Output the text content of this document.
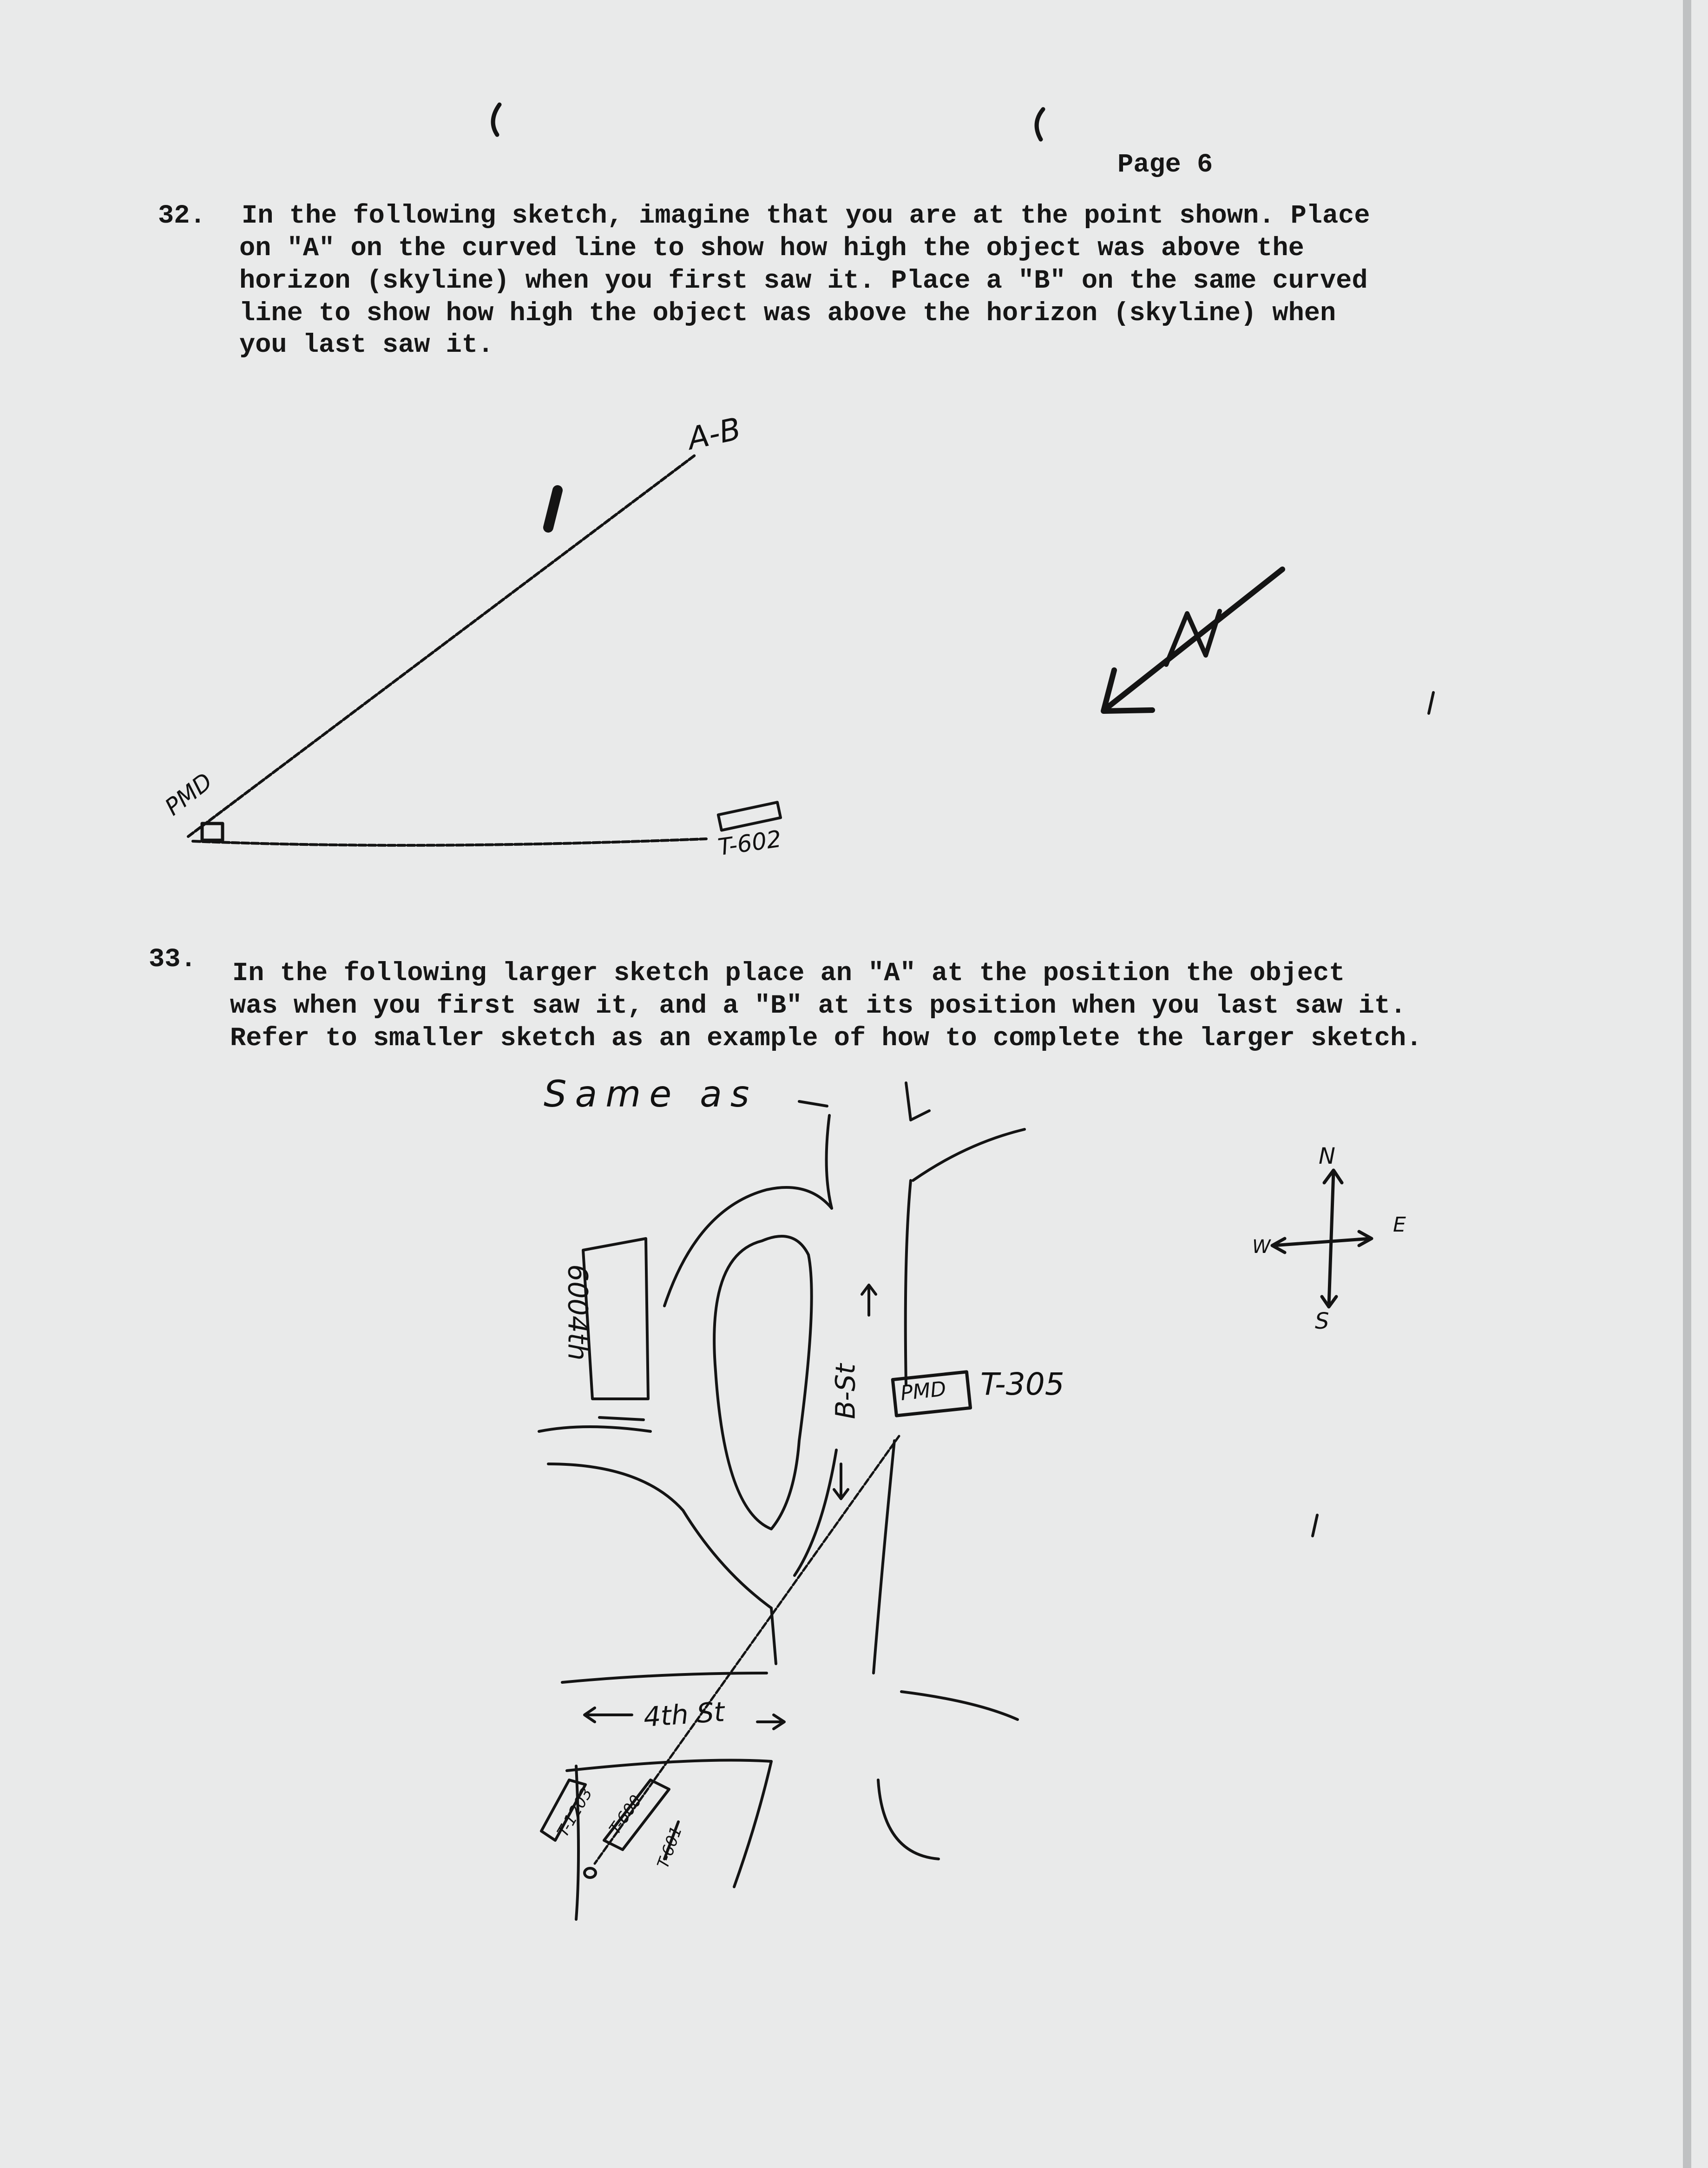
Page 6
32. In the following sketch, imagine that you are at the point shown. Place
on "A" on the curved line to show how high the object was above the
horizon (skyline) when you first saw it. Place a "B" on the same curved
line to show how high the object was above the horizon (skyline) when
you last saw it.
A-B
PMD
T-602
33. In the following larger sketch place an "A" at the position the object
was when you first saw it, and a "B" at its position when you last saw it.
Refer to smaller sketch as an example of how to complete the larger sketch.
Same as
6004th
B-St PMD T-305
4th St
T-1203 T-600
T-601
N
S
W
E
